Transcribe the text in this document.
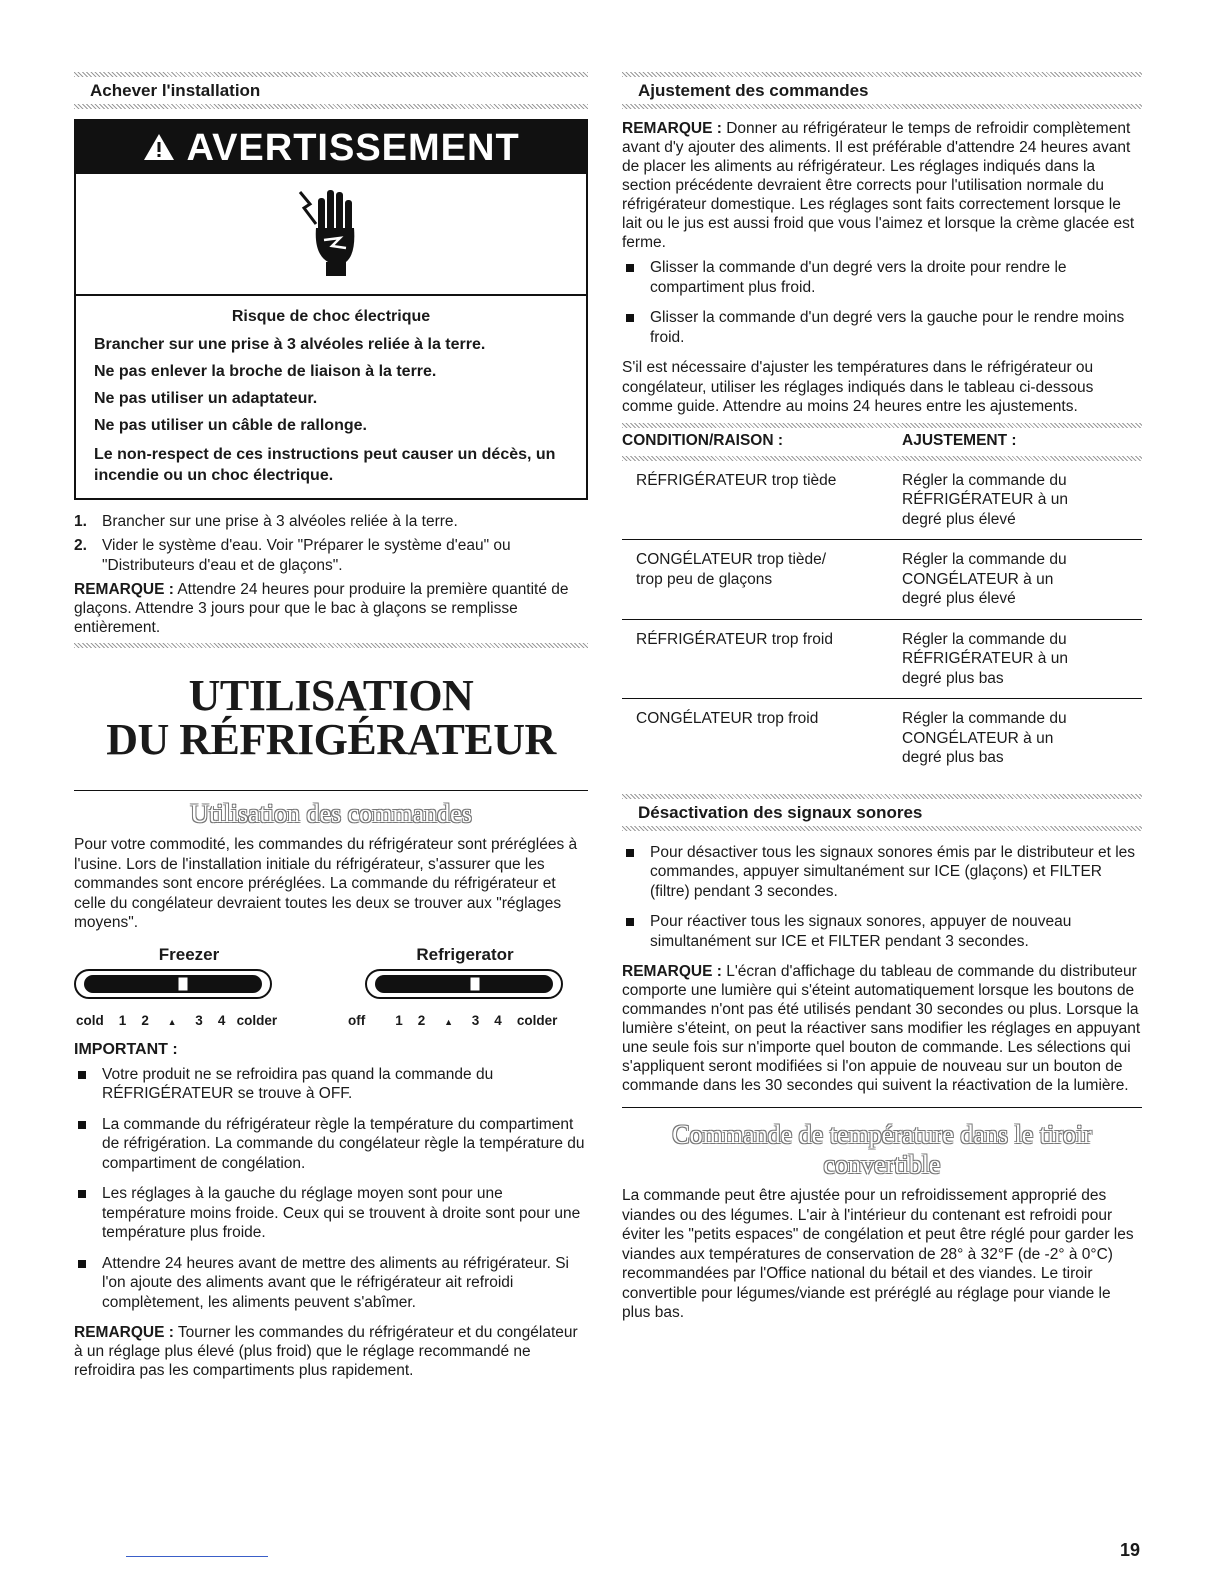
Achever l'installation
AVERTISSEMENT

Risque de choc électrique

Brancher sur une prise à 3 alvéoles reliée à la terre.

Ne pas enlever la broche de liaison à la terre.

Ne pas utiliser un adaptateur.

Ne pas utiliser un câble de rallonge.

Le non-respect de ces instructions peut causer un décès, un incendie ou un choc électrique.

1. Brancher sur une prise à 3 alvéoles reliée à la terre.
2. Vider le système d'eau. Voir "Préparer le système d'eau" ou "Distributeurs d'eau et de glaçons".

REMARQUE : Attendre 24 heures pour produire la première quantité de glaçons. Attendre 3 jours pour que le bac à glaçons se remplisse entièrement.

UTILISATION
DU RÉFRIGÉRATEUR
Utilisation des commandes

Pour votre commodité, les commandes du réfrigérateur sont préréglées à l'usine. Lors de l'installation initiale du réfrigérateur, s'assurer que les commandes sont encore préréglées. La commande du réfrigérateur et celle du congélateur devraient toutes les deux se trouver aux "réglages moyens".

Freezer
cold 1 2 ▲ 3 4 colder
Refrigerator
off 1 2 ▲ 3 4 colder
IMPORTANT :
Votre produit ne se refroidira pas quand la commande du RÉFRIGÉRATEUR se trouve à OFF.
La commande du réfrigérateur règle la température du compartiment de réfrigération. La commande du congélateur règle la température du compartiment de congélation.
Les réglages à la gauche du réglage moyen sont pour une température moins froide. Ceux qui se trouvent à droite sont pour une température plus froide.
Attendre 24 heures avant de mettre des aliments au réfrigérateur. Si l'on ajoute des aliments avant que le réfrigérateur ait refroidi complètement, les aliments peuvent s'abîmer.

REMARQUE : Tourner les commandes du réfrigérateur et du congélateur à un réglage plus élevé (plus froid) que le réglage recommandé ne refroidira pas les compartiments plus rapidement.

Ajustement des commandes

REMARQUE : Donner au réfrigérateur le temps de refroidir complètement avant d'y ajouter des aliments. Il est préférable d'attendre 24 heures avant de placer les aliments au réfrigérateur. Les réglages indiqués dans la section précédente devraient être corrects pour l'utilisation normale du réfrigérateur domestique. Les réglages sont faits correctement lorsque le lait ou le jus est aussi froid que vous l'aimez et lorsque la crème glacée est ferme.

Glisser la commande d'un degré vers la droite pour rendre le compartiment plus froid.
Glisser la commande d'un degré vers la gauche pour le rendre moins froid.

S'il est nécessaire d'ajuster les températures dans le réfrigérateur ou congélateur, utiliser les réglages indiqués dans le tableau ci-dessous comme guide. Attendre au moins 24 heures entre les ajustements.

CONDITION/RAISON :	AJUSTEMENT :

RÉFRIGÉRATEUR trop tiède	Régler la commande du RÉFRIGÉRATEUR à un degré plus élevé
CONGÉLATEUR trop tiède/ trop peu de glaçons	Régler la commande du CONGÉLATEUR à un degré plus élevé
RÉFRIGÉRATEUR trop froid	Régler la commande du RÉFRIGÉRATEUR à un degré plus bas
CONGÉLATEUR trop froid	Régler la commande du CONGÉLATEUR à un degré plus bas
Désactivation des signaux sonores
Pour désactiver tous les signaux sonores émis par le distributeur et les commandes, appuyer simultanément sur ICE (glaçons) et FILTER (filtre) pendant 3 secondes.
Pour réactiver tous les signaux sonores, appuyer de nouveau simultanément sur ICE et FILTER pendant 3 secondes.

REMARQUE : L'écran d'affichage du tableau de commande du distributeur comporte une lumière qui s'éteint automatiquement lorsque les boutons de commandes n'ont pas été utilisés pendant 30 secondes ou plus. Lorsque la lumière s'éteint, on peut la réactiver sans modifier les réglages en appuyant une seule fois sur n'importe quel bouton de commande. Les sélections qui s'appliquent seront modifiées si l'on appuie de nouveau sur un bouton de commande dans les 30 secondes qui suivent la réactivation de la lumière.

Commande de température dans le tiroir
convertible

La commande peut être ajustée pour un refroidissement approprié des viandes ou des légumes. L'air à l'intérieur du contenant est refroidi pour éviter les "petits espaces" de congélation et peut être réglé pour garder les viandes aux températures de conservation de 28° à 32°F (de -2° à 0°C) recommandées par l'Office national du bétail et des viandes. Le tiroir convertible pour légumes/viande est préréglé au réglage pour viande le plus bas.

19
